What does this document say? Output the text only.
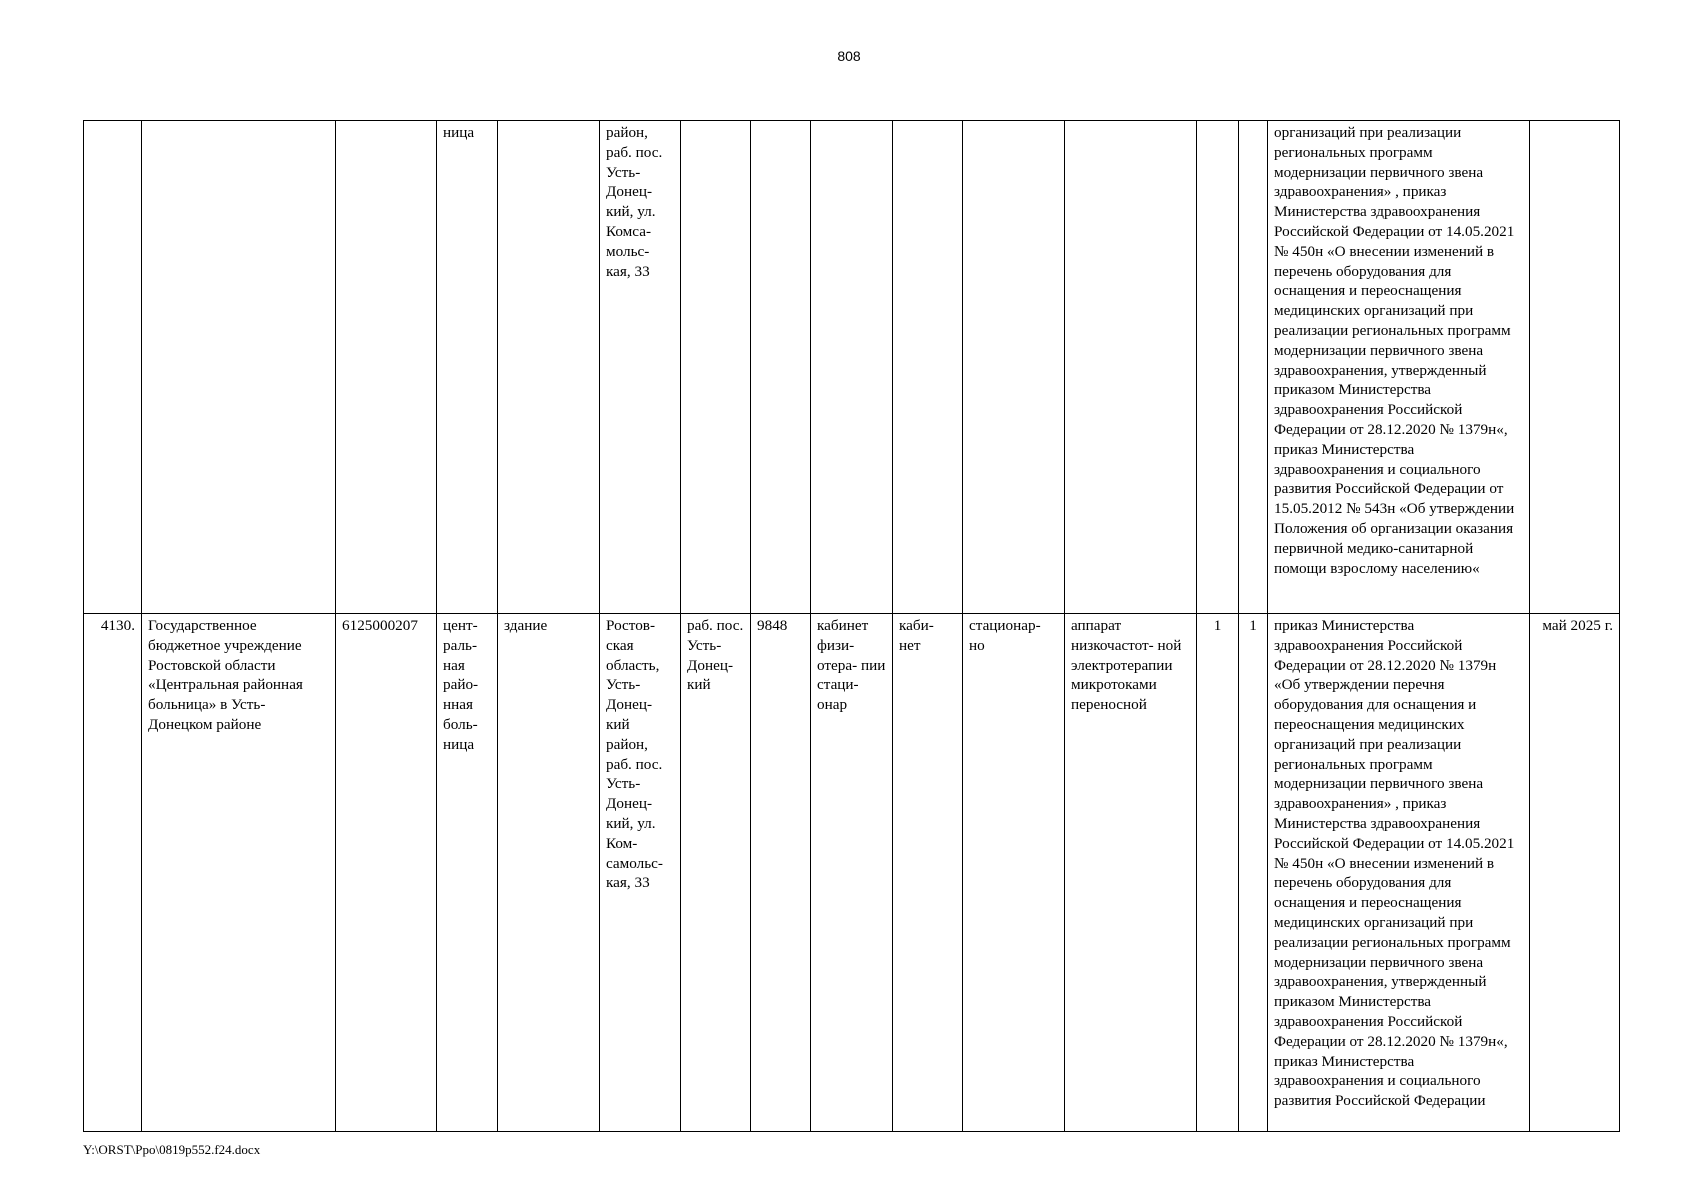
808
			ница		район, раб. пос. Усть- Донец- кий, ул. Комса- мольс- кая, 33									организаций при реализации региональных программ модернизации первичного звена здравоохранения» , приказ Министерства здравоохранения Российской Федерации от 14.05.2021 № 450н «О внесении изменений в перечень оборудования для оснащения и переоснащения медицинских организаций при реализации региональных программ модернизации первичного звена здравоохранения, утвержденный приказом Министерства здравоохранения Российской Федерации от 28.12.2020 № 1379н«, приказ Министерства здравоохранения и социального развития Российской Федерации от 15.05.2012 № 543н «Об утверждении Положения об организации оказания первичной медико-санитарной помощи взрослому населению«	
4130.	Государственное бюджетное учреждение Ростовской области «Центральная районная больница» в Усть-Донецком районе	6125000207	цент- раль- ная райо- нная боль- ница	здание	Ростов- ская область, Усть- Донец- кий район, раб. пос. Усть- Донец- кий, ул. Ком- самольс- кая, 33	раб. пос. Усть- Донец- кий	9848	кабинет физи- отера- пии стаци- онар	каби- нет	стационар- но	аппарат низкочастот- ной электротерапии микротоками переносной	1	1	приказ Министерства здравоохранения Российской Федерации от 28.12.2020 № 1379н «Об утверждении перечня оборудования для оснащения и переоснащения медицинских организаций при реализации региональных программ модернизации первичного звена здравоохранения» , приказ Министерства здравоохранения Российской Федерации от 14.05.2021 № 450н «О внесении изменений в перечень оборудования для оснащения и переоснащения медицинских организаций при реализации региональных программ модернизации первичного звена здравоохранения, утвержденный приказом Министерства здравоохранения Российской Федерации от 28.12.2020 № 1379н«, приказ Министерства здравоохранения и социального развития Российской Федерации	май 2025 г.
Y:\ORST\Ppo\0819p552.f24.docx
